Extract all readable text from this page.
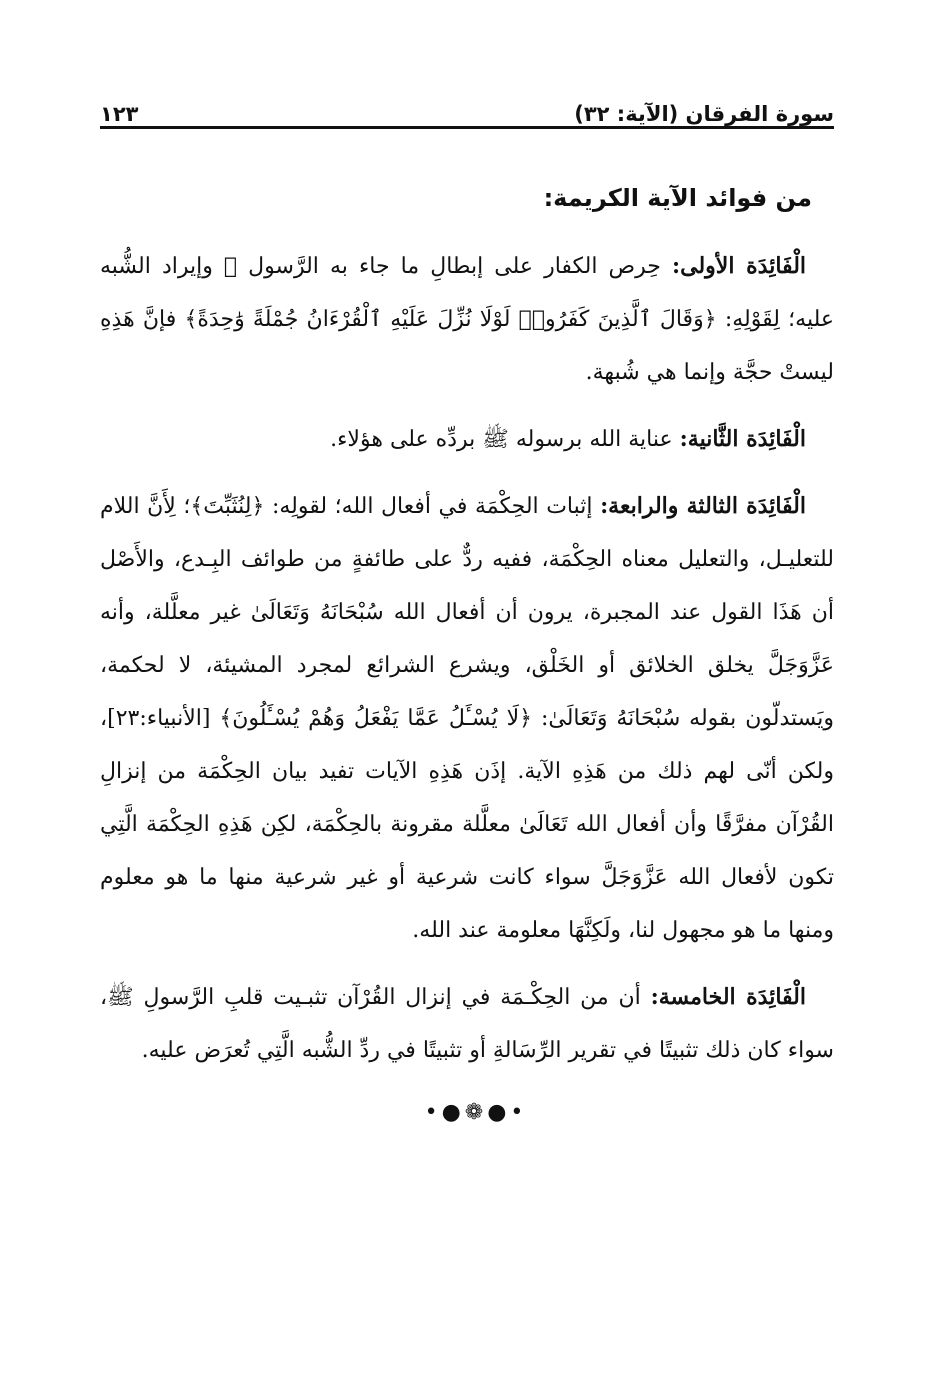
سورة الفرقان (الآية: ٣٢)
١٢٣
من فوائد الآية الكريمة:

الْفَائِدَة الأولى: حِرص الكفار على إبطالِ ما جاء به الرَّسول ﷺ وإيراد الشُّبه عليه؛ لِقَوْلِهِ: ﴿وَقَالَ ٱلَّذِينَ كَفَرُوا۟ لَوْلَا نُزِّلَ عَلَيْهِ ٱلْقُرْءَانُ جُمْلَةً وَٰحِدَةً﴾ فإنَّ هَذِهِ ليستْ حجَّة وإنما هي شُبهة.

الْفَائِدَة الثَّانية: عناية الله برسوله ﷺ بردِّه على هؤلاء.

الْفَائِدَة الثالثة والرابعة: إثبات الحِكْمَة في أفعال الله؛ لقولِه: ﴿لِنُثَبِّتَ﴾؛ لِأَنَّ اللام للتعليـل، والتعليل معناه الحِكْمَة، ففيه ردٌّ على طائفةٍ من طوائف البِـدع، والأَصْل أن هَذَا القول عند المجبرة، يرون أن أفعال الله سُبْحَانَهُ وَتَعَالَىٰ غير معلَّلة، وأنه عَزَّوَجَلَّ يخلق الخلائق أو الخَلْق، ويشرع الشرائع لمجرد المشيئة، لا لحكمة، ويَستدلّون بقوله سُبْحَانَهُ وَتَعَالَىٰ: ﴿لَا يُسْـَٔلُ عَمَّا يَفْعَلُ وَهُمْ يُسْـَٔلُونَ﴾ [الأنبياء:٢٣]، ولكن أنّى لهم ذلك من هَذِهِ الآية. إذَن هَذِهِ الآيات تفيد بيان الحِكْمَة من إنزالِ القُرْآن مفرَّقًا وأن أفعال الله تَعَالَىٰ معلَّلة مقرونة بالحِكْمَة، لكِن هَذِهِ الحِكْمَة الَّتِي تكون لأفعال الله عَزَّوَجَلَّ سواء كانت شرعية أو غير شرعية منها ما هو معلوم ومنها ما هو مجهول لنا، ولَكِنَّهَا معلومة عند الله.

الْفَائِدَة الخامسة: أن من الحِكْـمَة في إنزال القُرْآن تثبـيت قلبِ الرَّسولِ ﷺ، سواء كان ذلك تثبيتًا في تقرير الرِّسَالةِ أو تثبيتًا في ردِّ الشُّبه الَّتِي تُعرَض عليه.

•●❁●•
